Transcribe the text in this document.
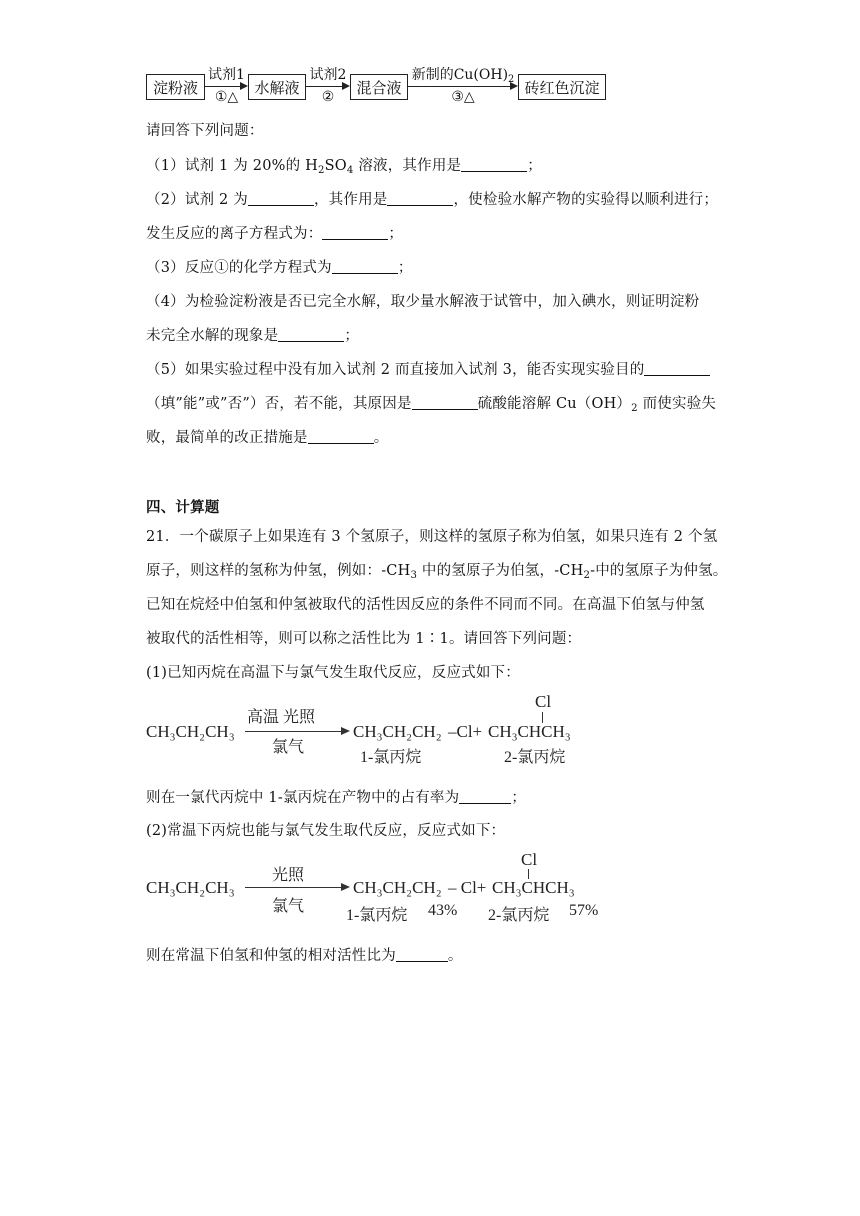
淀粉液
试剂1
①△	水解液
试剂2
②	混合液
新制的$Cu(OH)_2$
③△	砖红色沉淀
请回答下列问题：
（1）试剂 1 为 20%的 $H_2SO_4$ 溶液，其作用是	；
（2）试剂 2 为	，其作用是	，使检验水解产物的实验得以顺利进行；
发生反应的离子方程式为：	；
（3）反应①的化学方程式为	；
（4）为检验淀粉液是否已完全水解，取少量水解液于试管中，加入碘水，则证明淀粉
未完全水解的现象是	；
（5）如果实验过程中没有加入试剂 2 而直接加入试剂 3，能否实现实验目的
（填”能”或”否”）否，若不能，其原因是	硫酸能溶解 $Cu(OH)_2$ 而使实验失
败，最简单的改正措施是	。
四、计算题
21．一个碳原子上如果连有 3 个氢原子，则这样的氢原子称为伯氢，如果只连有 2 个氢
原子，则这样的氢称为仲氢，例如：$-CH_3$ 中的氢原子为伯氢，$-CH_2-$中的氢原子为仲氢。
已知在烷烃中伯氢和仲氢被取代的活性因反应的条件不同而不同。在高温下伯氢与仲氢
被取代的活性相等，则可以称之活性比为 1∶1。请回答下列问题：
(1)已知丙烷在高温下与氯气发生取代反应，反应式如下：
CH₃CH₂CH₃
高温 光照
氯气
CH₃CH₂CH₂ –Cl+ CH₃CHCH₃
Cl
1-氯丙烷	2-氯丙烷
则在一氯代丙烷中 1-氯丙烷在产物中的占有率为	；
(2)常温下丙烷也能与氯气发生取代反应，反应式如下：
CH₃CH₂CH₃
光照
氯气
CH₃CH₂CH₂ – Cl+ CH₃CHCH₃
Cl
1-氯丙烷 43% 2-氯丙烷 57%
则在常温下伯氢和仲氢的相对活性比为	。
